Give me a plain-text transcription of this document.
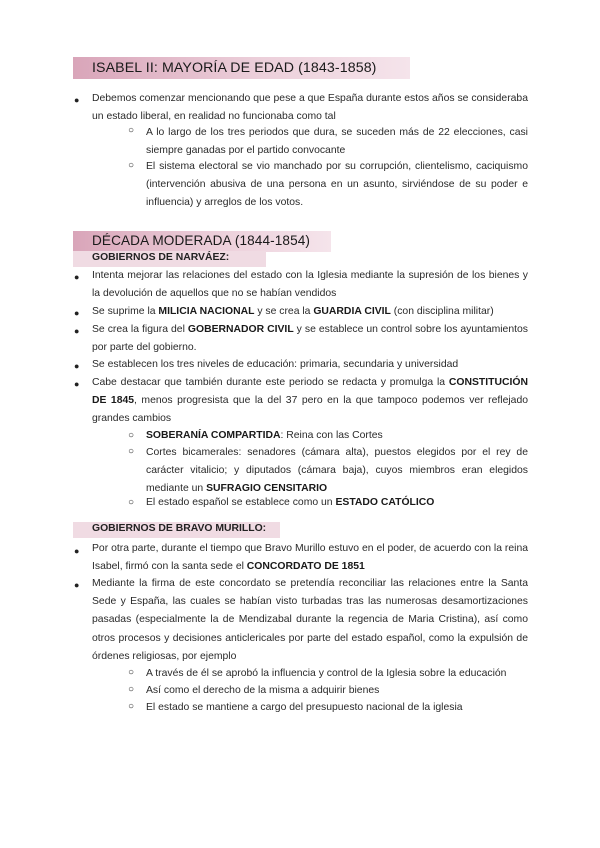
ISABEL II: MAYORÍA DE EDAD (1843-1858)
● Debemos comenzar mencionando que pese a que España durante estos años se consideraba un estado liberal, en realidad no funcionaba como tal
○ A lo largo de los tres periodos que dura, se suceden más de 22 elecciones, casi siempre ganadas por el partido convocante
○ El sistema electoral se vio manchado por su corrupción, clientelismo, caciquismo (intervención abusiva de una persona en un asunto, sirviéndose de su poder e influencia) y arreglos de los votos.
DÉCADA MODERADA (1844-1854)
GOBIERNOS DE NARVÁEZ:
● Intenta mejorar las relaciones del estado con la Iglesia mediante la supresión de los bienes y la devolución de aquellos que no se habían vendidos
● Se suprime la MILICIA NACIONAL y se crea la GUARDIA CIVIL (con disciplina militar)
● Se crea la figura del GOBERNADOR CIVIL y se establece un control sobre los ayuntamientos por parte del gobierno.
● Se establecen los tres niveles de educación: primaria, secundaria y universidad
● Cabe destacar que también durante este periodo se redacta y promulga la CONSTITUCIÓN DE 1845, menos progresista que la del 37 pero en la que tampoco podemos ver reflejado grandes cambios
○ SOBERANÍA COMPARTIDA: Reina con las Cortes
○ Cortes bicamerales: senadores (cámara alta), puestos elegidos por el rey de carácter vitalicio; y diputados (cámara baja), cuyos miembros eran elegidos mediante un SUFRAGIO CENSITARIO
○ El estado español se establece como un ESTADO CATÓLICO
GOBIERNOS DE BRAVO MURILLO:
● Por otra parte, durante el tiempo que Bravo Murillo estuvo en el poder, de acuerdo con la reina Isabel, firmó con la santa sede el CONCORDATO DE 1851
● Mediante la firma de este concordato se pretendía reconciliar las relaciones entre la Santa Sede y España, las cuales se habían visto turbadas tras las numerosas desamortizaciones pasadas (especialmente la de Mendizabal durante la regencia de Maria Cristina), así como otros procesos y decisiones anticlericales por parte del estado español, como la expulsión de órdenes religiosas, por ejemplo
○ A través de él se aprobó la influencia y control de la Iglesia sobre la educación
○ Así como el derecho de la misma a adquirir bienes
○ El estado se mantiene a cargo del presupuesto nacional de la iglesia
